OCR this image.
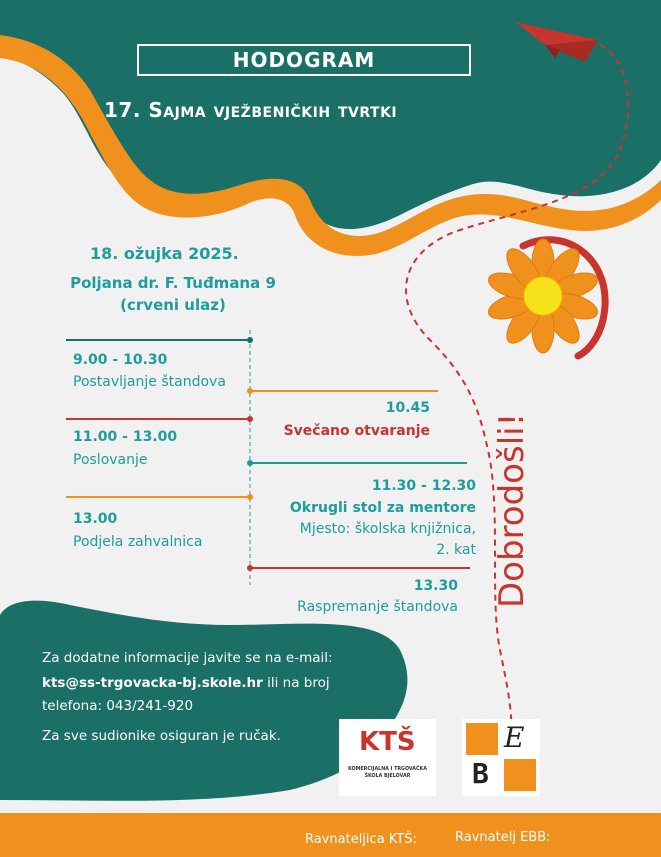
HODOGRAM
17. Sajma vježbeničkih tvrtki
18. ožujka 2025.
Poljana dr. F. Tuđmana 9
(crveni ulaz)
9.00 - 10.30
Postavljanje štandova
11.00 - 13.00
Poslovanje
13.00
Podjela zahvalnica
10.45
Svečano otvaranje
11.30 - 12.30
Okrugli stol za mentore
Mjesto: školska knjižnica,
2. kat
13.30
Raspremanje štandova Dobrodošli!
Za dodatne informacije javite se na e-mail:
kts@ss-trgovacka-bj.skole.hr ili na broj
telefona: 043/241-920
Za sve sudionike osiguran je ručak.	KTŠ
KOMERCIJALNA I TRGOVAČKA
ŠKOLA BJELOVAR
E
B
Ravnateljica KTŠ:	Ravnatelj EBB:
